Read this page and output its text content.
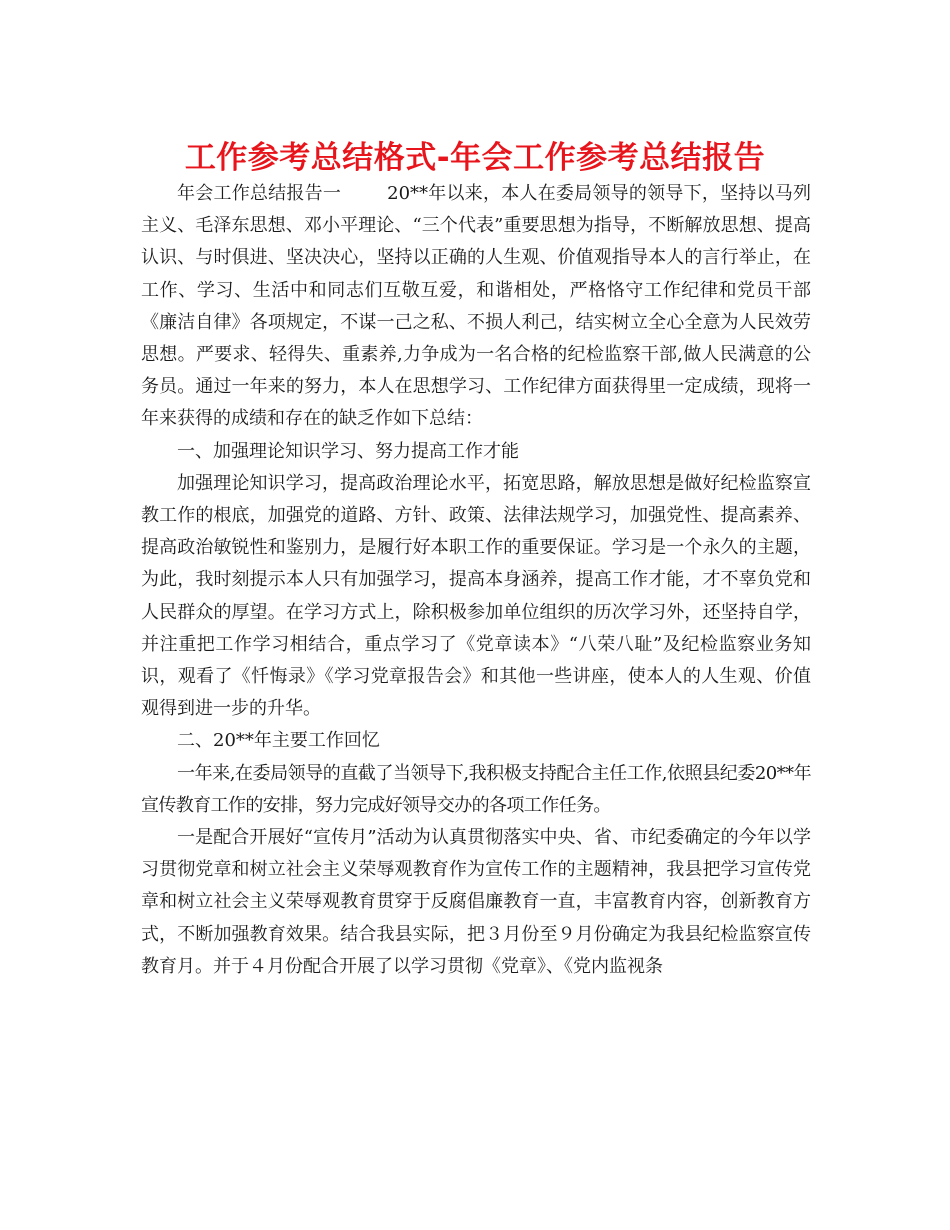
工作参考总结格式-年会工作参考总结报告

年会工作总结报告一	20**年以来，本人在委局领导的领导下，坚持以马列主义、毛泽东思想、邓小平理论、“三个代表”重要思想为指导，不断解放思想、提高认识、与时俱进、坚决决心，坚持以正确的人生观、价值观指导本人的言行举止，在工作、学习、生活中和同志们互敬互爱，和谐相处，严格恪守工作纪律和党员干部《廉洁自律》各项规定，不谋一己之私、不损人利己，结实树立全心全意为人民效劳思想。严要求、轻得失、重素养,力争成为一名合格的纪检监察干部,做人民满意的公务员。通过一年来的努力，本人在思想学习、工作纪律方面获得里一定成绩，现将一年来获得的成绩和存在的缺乏作如下总结：

一、加强理论知识学习、努力提高工作才能

加强理论知识学习，提高政治理论水平，拓宽思路，解放思想是做好纪检监察宣教工作的根底，加强党的道路、方针、政策、法律法规学习，加强党性、提高素养、提高政治敏锐性和鉴别力，是履行好本职工作的重要保证。学习是一个永久的主题，为此，我时刻提示本人只有加强学习，提高本身涵养，提高工作才能，才不辜负党和人民群众的厚望。在学习方式上，除积极参加单位组织的历次学习外，还坚持自学，并注重把工作学习相结合，重点学习了《党章读本》“八荣八耻”及纪检监察业务知识，观看了《忏悔录》《学习党章报告会》和其他一些讲座，使本人的人生观、价值观得到进一步的升华。

二、20**年主要工作回忆

一年来,在委局领导的直截了当领导下,我积极支持配合主任工作,依照县纪委20**年宣传教育工作的安排，努力完成好领导交办的各项工作任务。

一是配合开展好“宣传月”活动为认真贯彻落实中央、省、市纪委确定的今年以学习贯彻党章和树立社会主义荣辱观教育作为宣传工作的主题精神，我县把学习宣传党章和树立社会主义荣辱观教育贯穿于反腐倡廉教育一直，丰富教育内容，创新教育方式，不断加强教育效果。结合我县实际，把３月份至９月份确定为我县纪检监察宣传教育月。并于４月份配合开展了以学习贯彻《党章》、《党内监视条
